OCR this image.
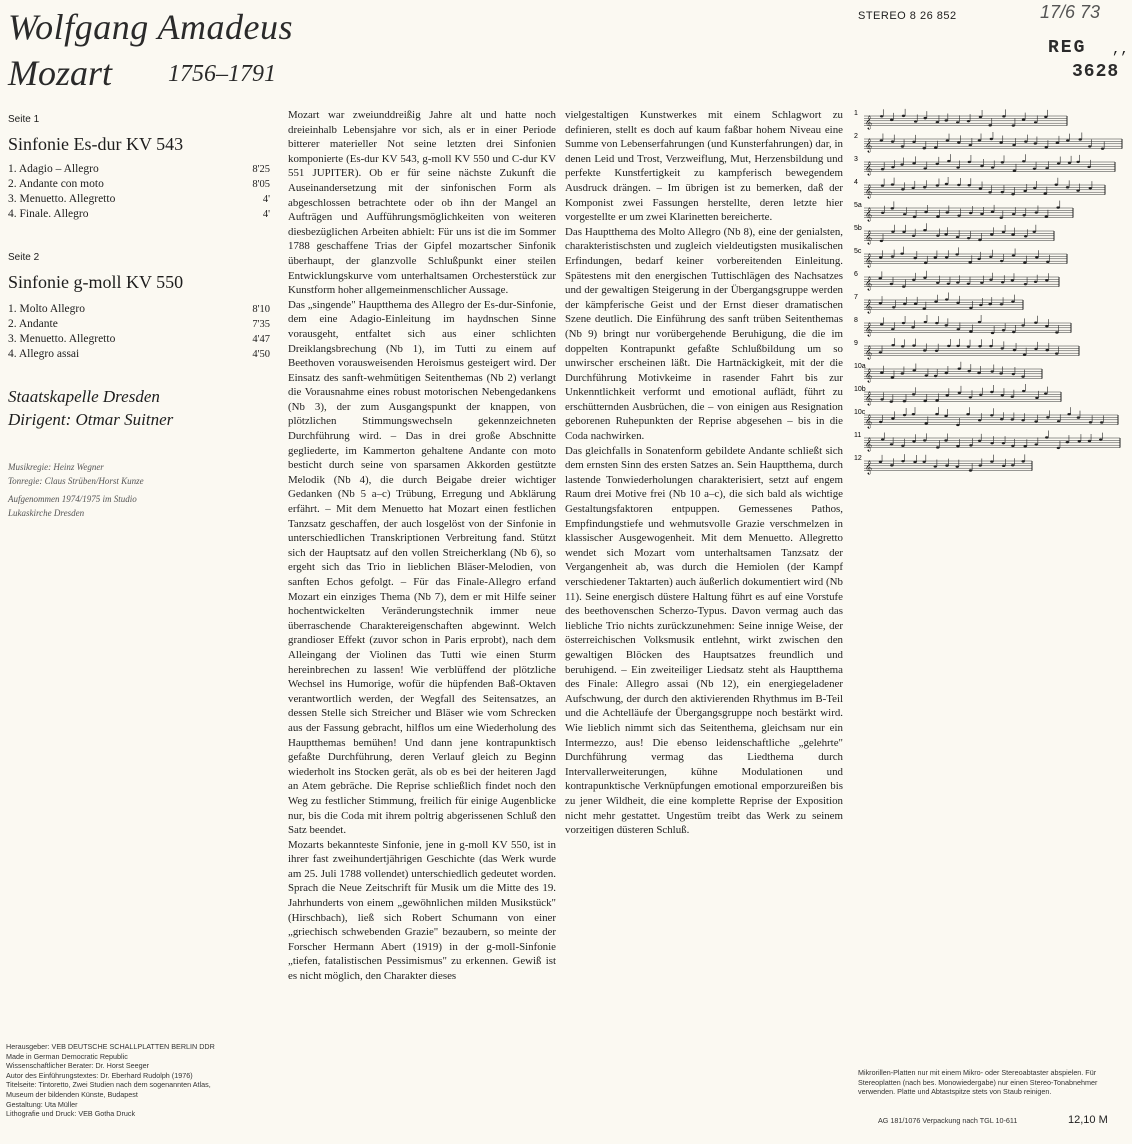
Wolfgang Amadeus
Mozart 1756–1791
STEREO 8 26 852	17/6 73
REG ,,
3628
Seite 1
Sinfonie Es-dur KV 543
1. Adagio – Allegro	8'25
2. Andante con moto	8'05
3. Menuetto. Allegretto	4'
4. Finale. Allegro	4'
Seite 2
Sinfonie g-moll KV 550
1. Molto Allegro	8'10
2. Andante	7'35
3. Menuetto. Allegretto	4'47
4. Allegro assai	4'50
Staatskapelle Dresden
Dirigent: Otmar Suitner
Musikregie: Heinz Wegner
Tonregie: Claus Strüben/Horst Kunze
Aufgenommen 1974/1975 im Studio
Lukaskirche Dresden
Herausgeber: VEB DEUTSCHE SCHALLPLATTEN BERLIN DDR
Made in German Democratic Republic
Wissenschaftlicher Berater: Dr. Horst Seeger
Autor des Einführungstextes: Dr. Eberhard Rudolph (1976)
Titelseite: Tintoretto, Zwei Studien nach dem sogenannten Atlas,
Museum der bildenden Künste, Budapest
Gestaltung: Uta Müller
Lithografie und Druck: VEB Gotha Druck

Mozart war zweiunddreißig Jahre alt und hatte noch dreieinhalb Lebensjahre vor sich, als er in einer Periode bitterer materieller Not seine letzten drei Sinfonien komponierte (Es-dur KV 543, g-moll KV 550 und C-dur KV 551 JUPITER). Ob er für seine nächste Zukunft die Auseinandersetzung mit der sinfonischen Form als abgeschlossen betrachtete oder ob ihn der Mangel an Aufträgen und Aufführungsmöglichkeiten von weiteren diesbezüglichen Arbeiten abhielt: Für uns ist die im Sommer 1788 geschaffene Trias der Gipfel mozartscher Sinfonik überhaupt, der glanzvolle Schlußpunkt einer steilen Entwicklungskurve vom unterhaltsamen Orchesterstück zur Kunstform hoher allgemeinmenschlicher Aussage.

Das „singende" Hauptthema des Allegro der Es-dur-Sinfonie, dem eine Adagio-Einleitung im haydnschen Sinne vorausgeht, entfaltet sich aus einer schlichten Dreiklangsbrechung (Nb 1), im Tutti zu einem auf Beethoven vorausweisenden Heroismus gesteigert wird. Der Einsatz des sanft-wehmütigen Seitenthemas (Nb 2) verlangt die Vorausnahme eines robust motorischen Nebengedankens (Nb 3), der zum Ausgangspunkt der knappen, von plötzlichen Stimmungswechseln gekennzeichneten Durchführung wird. – Das in drei große Abschnitte gegliederte, im Kammerton gehaltene Andante con moto besticht durch seine von sparsamen Akkorden gestützte Melodik (Nb 4), die durch Beigabe dreier wichtiger Gedanken (Nb 5 a–c) Trübung, Erregung und Abklärung erfährt. – Mit dem Menuetto hat Mozart einen festlichen Tanzsatz geschaffen, der auch losgelöst von der Sinfonie in unterschiedlichen Transkriptionen Verbreitung fand. Stützt sich der Hauptsatz auf den vollen Streicherklang (Nb 6), so ergeht sich das Trio in lieblichen Bläser-Melodien, von sanften Echos gefolgt. – Für das Finale-Allegro erfand Mozart ein einziges Thema (Nb 7), dem er mit Hilfe seiner hochentwickelten Veränderungstechnik immer neue überraschende Charaktereigenschaften abgewinnt. Welch grandioser Effekt (zuvor schon in Paris erprobt), nach dem Alleingang der Violinen das Tutti wie einen Sturm hereinbrechen zu lassen! Wie verblüffend der plötzliche Wechsel ins Humorige, wofür die hüpfenden Baß-Oktaven verantwortlich werden, der Wegfall des Seitensatzes, an dessen Stelle sich Streicher und Bläser wie vom Schrecken aus der Fassung gebracht, hilflos um eine Wiederholung des Hauptthemas bemühen! Und dann jene kontrapunktisch gefaßte Durchführung, deren Verlauf gleich zu Beginn wiederholt ins Stocken gerät, als ob es bei der heiteren Jagd an Atem gebräche. Die Reprise schließlich findet noch den Weg zu festlicher Stimmung, freilich für einige Augenblicke nur, bis die Coda mit ihrem poltrig abgerissenen Schluß den Satz beendet.

Mozarts bekannteste Sinfonie, jene in g-moll KV 550, ist in ihrer fast zweihundertjährigen Geschichte (das Werk wurde am 25. Juli 1788 vollendet) unterschiedlich gedeutet worden. Sprach die Neue Zeitschrift für Musik um die Mitte des 19. Jahrhunderts von einem „gewöhnlichen milden Musikstück" (Hirschbach), ließ sich Robert Schumann von einer „griechisch schwebenden Grazie" bezaubern, so meinte der Forscher Hermann Abert (1919) in der g-moll-Sinfonie „tiefen, fatalistischen Pessimismus" zu erkennen. Gewiß ist es nicht möglich, den Charakter dieses

vielgestaltigen Kunstwerkes mit einem Schlagwort zu definieren, stellt es doch auf kaum faßbar hohem Niveau eine Summe von Lebenserfahrungen (und Kunsterfahrungen) dar, in denen Leid und Trost, Verzweiflung, Mut, Herzensbildung und perfekte Kunstfertigkeit zu kampferisch bewegendem Ausdruck drängen. – Im übrigen ist zu bemerken, daß der Komponist zwei Fassungen herstellte, deren letzte hier vorgestellte er um zwei Klarinetten bereicherte.

Das Hauptthema des Molto Allegro (Nb 8), eine der genialsten, charakteristischsten und zugleich vieldeutigsten musikalischen Erfindungen, bedarf keiner vorbereitenden Einleitung. Spätestens mit den energischen Tuttischlägen des Nachsatzes und der gewaltigen Steigerung in der Übergangsgruppe werden der kämpferische Geist und der Ernst dieser dramatischen Szene deutlich. Die Einführung des sanft trüben Seitenthemas (Nb 9) bringt nur vorübergehende Beruhigung, die die im doppelten Kontrapunkt gefaßte Schlußbildung um so unwirscher erscheinen läßt. Die Hartnäckigkeit, mit der die Durchführung Motivkeime in rasender Fahrt bis zur Unkenntlichkeit verformt und emotional auflädt, führt zu erschütternden Ausbrüchen, die – von einigen aus Resignation geborenen Ruhepunkten der Reprise abgesehen – bis in die Coda nachwirken.

Das gleichfalls in Sonatenform gebildete Andante schließt sich dem ernsten Sinn des ersten Satzes an. Sein Hauptthema, durch lastende Tonwiederholungen charakterisiert, setzt auf engem Raum drei Motive frei (Nb 10 a–c), die sich bald als wichtige Gestaltungsfaktoren entpuppen. Gemessenes Pathos, Empfindungstiefe und wehmutsvolle Grazie verschmelzen in klassischer Ausgewogenheit. Mit dem Menuetto. Allegretto wendet sich Mozart vom unterhaltsamen Tanzsatz der Vergangenheit ab, was durch die Hemiolen (der Kampf verschiedener Taktarten) auch äußerlich dokumentiert wird (Nb 11). Seine energisch düstere Haltung führt es auf eine Vorstufe des beethovenschen Scherzo-Typus. Davon vermag auch das liebliche Trio nichts zurückzunehmen: Seine innige Weise, der österreichischen Volksmusik entlehnt, wirkt zwischen den gewaltigen Blöcken des Hauptsatzes freundlich und beruhigend. – Ein zweiteiliger Liedsatz steht als Hauptthema des Finale: Allegro assai (Nb 12), ein energiegeladener Aufschwung, der durch den aktivierenden Rhythmus im B-Teil und die Achtelläufe der Übergangsgruppe noch bestärkt wird. Wie lieblich nimmt sich das Seitenthema, gleichsam nur ein Intermezzo, aus! Die ebenso leidenschaftliche „gelehrte" Durchführung vermag das Liedthema durch Intervallerweiterungen, kühne Modulationen und kontrapunktische Verknüpfungen emotional emporzureißen bis zu jener Wildheit, die eine komplette Reprise der Exposition nicht mehr gestattet. Ungestüm treibt das Werk zu seinem vorzeitigen düsteren Schluß.

1
𝄞
2
𝄞
3
𝄞
4
𝄞
5a
𝄞
5b
𝄞
5c
𝄞
6
𝄞
7
𝄞
8
𝄞
9
𝄞
10a
𝄞
10b
𝄞
10c
𝄞
11
𝄞
12
𝄞
Mikrorillen-Platten nur mit einem Mikro- oder Stereoabtaster abspielen. Für Stereoplatten (nach bes. Monowiedergabe) nur einen Stereo-Tonabnehmer verwenden. Platte und Abtastspitze stets von Staub reinigen.
AG 181/1076 Verpackung nach TGL 10-611	12,10 M
